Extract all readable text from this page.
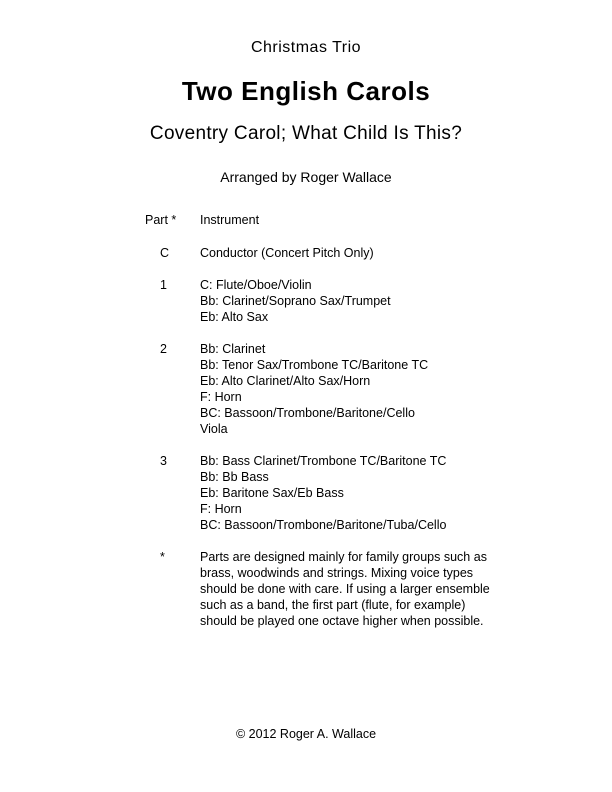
Christmas Trio
Two English Carols
Coventry Carol; What Child Is This?
Arranged by Roger Wallace
Part *	Instrument
C	Conductor (Concert Pitch Only)
1	C: Flute/Oboe/Violin
Bb: Clarinet/Soprano Sax/Trumpet
Eb: Alto Sax
2	Bb: Clarinet
Bb: Tenor Sax/Trombone TC/Baritone TC
Eb: Alto Clarinet/Alto Sax/Horn
F: Horn
BC: Bassoon/Trombone/Baritone/Cello
Viola
3	Bb: Bass Clarinet/Trombone TC/Baritone TC
Bb: Bb Bass
Eb: Baritone Sax/Eb Bass
F: Horn
BC: Bassoon/Trombone/Baritone/Tuba/Cello
*	Parts are designed mainly for family groups such as brass, woodwinds and strings. Mixing voice types should be done with care. If using a larger ensemble such as a band, the first part (flute, for example) should be played one octave higher when possible.
© 2012 Roger A. Wallace
